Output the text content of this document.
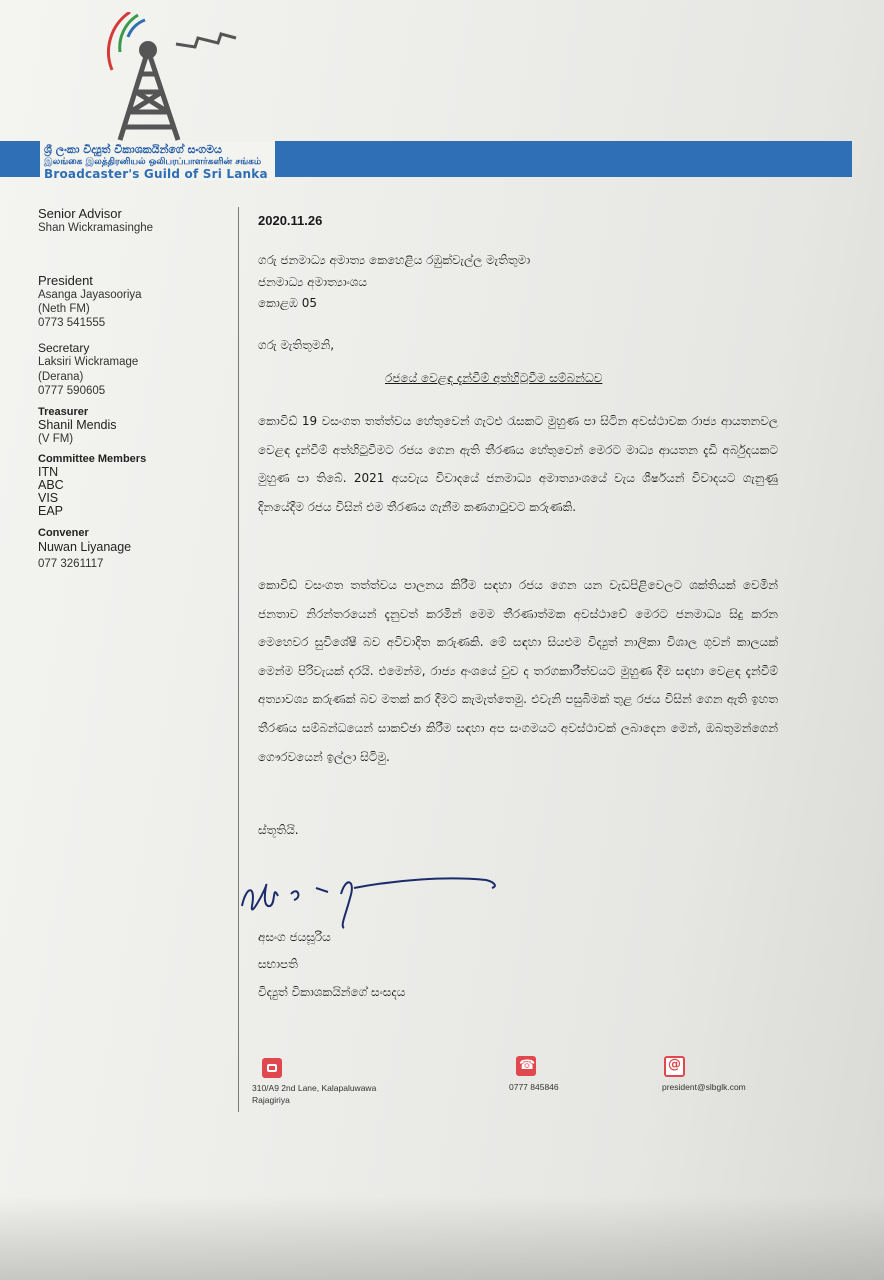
ශ්‍රී ලංකා විද්‍යුත් විකාශකයින්ගේ සංගමය
இலங்கை இலத்திரனியல் ஒலிபரப்பாளர்களின் சங்கம்
Broadcaster's Guild of Sri Lanka
Senior Advisor
Shan Wickramasinghe
President
Asanga Jayasooriya
(Neth FM)
0773 541555
Secretary
Laksiri Wickramage
(Derana)
0777 590605
Treasurer
Shanil Mendis
(V FM)
Committee Members
ITN
ABC
VIS
EAP
Convener
Nuwan Liyanage
077 3261117
2020.11.26
ගරු ජනමාධ්‍ය අමාත්‍ය කෙහෙළිය රඹුක්වැල්ල මැතිතුමා
ජනමාධ්‍ය අමාත්‍යාංශය
කොළඹ 05
ගරු මැතිතුමනි,
රජයේ වෙළඳ දැන්වීම් අත්හිටුවීම සම්බන්ධව
කොවිඩ් 19 වසංගත තත්ත්වය හේතුවෙන් ගැටළු රැසකට මුහුණ පා සිටින අවස්ථාවක රාජ්‍ය ආයතනවල වෙළඳ දැන්වීම් අත්හිටුවීමට රජය ගෙන ඇති තීරණය හේතුවෙන් මෙරට මාධ්‍ය ආයතන දැඩි අර්බුදයකට මුහුණ පා තිබේ. 2021 අයවැය විවාදයේ ජනමාධ්‍ය අමාත්‍යාංශයේ වැය ශීර්ෂයන් විවාදයට ගැනුණු දිනයේදීම රජය විසින් එම තීරණය ගැනීම කණගාටුවට කරුණකි.
කොවිඩ් වසංගත තත්ත්වය පාලනය කිරීම සඳහා රජය ගෙන යන වැඩපිළිවෙලට ශක්තියක් වෙමින් ජනතාව නිරන්තරයෙන් දැනුවත් කරමින් මෙම තීරණාත්මක අවස්ථාවේ මෙරට ජනමාධ්‍ය සිදු කරන මෙහෙවර සුවිශේෂී බව අවිවාදිත කරුණකි. මේ සඳහා සියළුම විද්‍යුත් නාලිකා විශාල ගුවන් කාලයක් මෙන්ම පිරිවැයක් දරයි. එමෙන්ම, රාජ්‍ය අංශයේ වුව ද තරගකාරීත්වයට මුහුණ දීම සඳහා වෙළඳ දැන්වීම් අත්‍යාවශ්‍ය කරුණක් බව මතක් කර දීමට කැමැත්තෙමු. එවැනි පසුබිමක් තුළ රජය විසින් ගෙන ඇති ඉහත තීරණය සම්බන්ධයෙන් සාකච්ඡා කිරීම සඳහා අප සංගමයට අවස්ථාවක් ලබාදෙන මෙන්, ඔබතුමන්ගෙන් ගෞරවයෙන් ඉල්ලා සිටිමු.
ස්තූතියි.
අසංග ජයසූරිය
සභාපති
විද්‍යුත් විකාශකයින්ගේ සංසදය
310/A9 2nd Lane, Kalapaluwawa
Rajagiriya
☎
0777 845846
@
president@slbglk.com
